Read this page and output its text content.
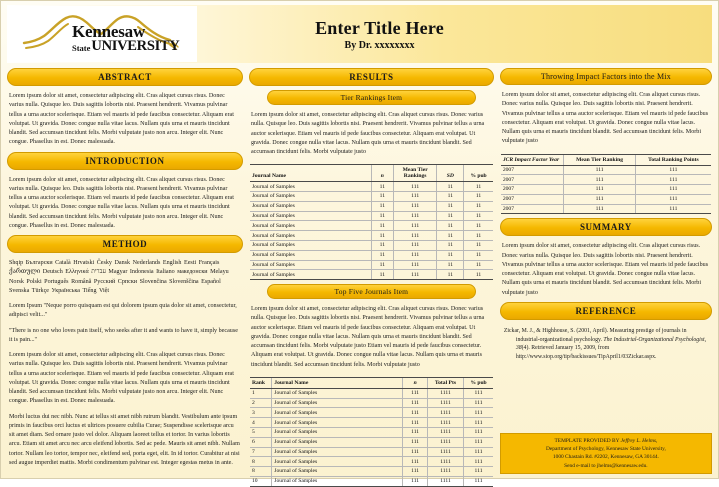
Kennesaw
State UNIVERSITY
Enter Title Here
By Dr. xxxxxxxx
ABSTRACT

Lorem ipsum dolor sit amet, consectetur adipiscing elit. Cras aliquet cursus risus. Donec varius nulla. Quisque leo. Duis sagittis lobortis nisi. Praesent hendrerit. Vivamus pulvinar tellus a urna auctor scelerisque. Etiam vel mauris id pede faucibus consectetur. Aliquam erat volutpat. Ut gravida. Donec congue nulla vitae lacus. Nullam quis urna et mauris tincidunt blandit. Sed accumsan tincidunt felis. Morbi vulputate justo non arcu. Integer elit. Nunc congue. Phasellus in est. Donec malesuada.

INTRODUCTION

Lorem ipsum dolor sit amet, consectetur adipiscing elit. Cras aliquet cursus risus. Donec varius nulla. Quisque leo. Duis sagittis lobortis nisi. Praesent hendrerit. Vivamus pulvinar tellus a urna auctor scelerisque. Etiam vel mauris id pede faucibus consectetur. Aliquam erat volutpat. Ut gravida. Donec congue nulla vitae lacus. Nullam quis urna et mauris tincidunt blandit. Sed accumsan tincidunt felis. Morbi vulputate justo non arcu. Integer elit. Nunc congue. Phasellus in est. Donec malesuada.

METHOD

Shqip Български Català Hrvatski Česky Dansk Nederlands English Eesti Français ქართული Deutsch Ελληνικά עברית Magyar Indonesia Italiano македонски Melayu Norsk Polski Português Română Русский Српски Slovenčina Slovenščina Español Svenska Türkçe Українська Tiếng Việt

Lorem Ipsum "Neque porro quisquam est qui dolorem ipsum quia dolor sit amet, consectetur, adipisci velit..."

"There is no one who loves pain itself, who seeks after it and wants to have it, simply because it is pain..."

Lorem ipsum dolor sit amet, consectetur adipiscing elit. Cras aliquet cursus risus. Donec varius nulla. Quisque leo. Duis sagittis lobortis nisi. Praesent hendrerit. Vivamus pulvinar tellus a urna auctor scelerisque. Etiam vel mauris id pede faucibus consectetur. Aliquam erat volutpat. Ut gravida. Donec congue nulla vitae lacus. Nullam quis urna et mauris tincidunt blandit. Sed accumsan tincidunt felis. Morbi vulputate justo non arcu. Integer elit. Nunc congue. Phasellus in est. Donec malesuada.

Morbi luctus dui nec nibh. Nunc at tellus sit amet nibh rutrum blandit. Vestibulum ante ipsum primis in faucibus orci luctus et ultrices posuere cubilia Curae; Suspendisse scelerisque arcu sit amet diam. Sed ornare justo vel dolor. Aliquam laoreet tellus et tortor. In varius lobortis arcu. Etiam sit amet arcu nec arcu eleifend lobortis. Sed ac pede. Mauris sit amet nibh. Nullam tortor. Nullam leo tortor, tempor nec, eleifend sed, porta eget, elit. In id tortor. Curabitur at nisi sed augue imperdiet mattis. Morbi condimentum pulvinar est. Integer egestas metus in ante.

RESULTS
Tier Rankings Item

Lorem ipsum dolor sit amet, consectetur adipiscing elit. Cras aliquet cursus risus. Donec varius nulla. Quisque leo. Duis sagittis lobortis nisi. Praesent hendrerit. Vivamus pulvinar tellus a urna auctor scelerisque. Etiam vel mauris id pede faucibus consectetur. Aliquam erat volutpat. Ut gravida. Donec congue nulla vitae lacus. Nullam quis urna et mauris tincidunt blandit. Sed accumsan tincidunt felis. Morbi vulputate justo

Journal Name	n	Mean Tier Rankings	SD	% pub
Journal of Samples	11	111	11	11
Journal of Samples	11	111	11	11
Journal of Samples	11	111	11	11
Journal of Samples	11	111	11	11
Journal of Samples	11	111	11	11
Journal of Samples	11	111	11	11
Journal of Samples	11	111	11	11
Journal of Samples	11	111	11	11
Journal of Samples	11	111	11	11
Journal of Samples	11	111	11	11
Top Five Journals Item

Lorem ipsum dolor sit amet, consectetur adipiscing elit. Cras aliquet cursus risus. Donec varius nulla. Quisque leo. Duis sagittis lobortis nisi. Praesent hendrerit. Vivamus pulvinar tellus a urna auctor scelerisque. Etiam vel mauris id pede faucibus consectetur. Aliquam erat volutpat. Ut gravida. Donec congue nulla vitae lacus. Nullam quis urna et mauris tincidunt blandit. Sed accumsan tincidunt felis. Morbi vulputate justo Etiam vel mauris id pede faucibus consectetur. Aliquam erat volutpat. Ut gravida. Donec congue nulla vitae lacus. Nullam quis urna et mauris tincidunt blandit. Sed accumsan tincidunt felis. Morbi vulputate justo

Rank	Journal Name	n	Total Pts	% pub
1	Journal of Samples	111	1111	111
2	Journal of Samples	111	1111	111
3	Journal of Samples	111	1111	111
4	Journal of Samples	111	1111	111
5	Journal of Samples	111	1111	111
6	Journal of Samples	111	1111	111
7	Journal of Samples	111	1111	111
8	Journal of Samples	111	1111	111
8	Journal of Samples	111	1111	111
10	Journal of Samples	111	1111	111
Throwing Impact Factors into the Mix

Lorem ipsum dolor sit amet, consectetur adipiscing elit. Cras aliquet cursus risus. Donec varius nulla. Quisque leo. Duis sagittis lobortis nisi. Praesent hendrerit. Vivamus pulvinar tellus a urna auctor scelerisque. Etiam vel mauris id pede faucibus consectetur. Aliquam erat volutpat. Ut gravida. Donec congue nulla vitae lacus. Nullam quis urna et mauris tincidunt blandit. Sed accumsan tincidunt felis. Morbi vulputate justo

JCR Impact Factor Year	Mean Tier Ranking	Total Ranking Points
2007	111	111
2007	111	111
2007	111	111
2007	111	111
2007	111	111
SUMMARY

Lorem ipsum dolor sit amet, consectetur adipiscing elit. Cras aliquet cursus risus. Donec varius nulla. Quisque leo. Duis sagittis lobortis nisi. Praesent hendrerit. Vivamus pulvinar tellus a urna auctor scelerisque. Etiam vel mauris id pede faucibus consectetur. Aliquam erat volutpat. Ut gravida. Donec congue nulla vitae lacus. Nullam quis urna et mauris tincidunt blandit. Sed accumsan tincidunt felis. Morbi vulputate justo

REFERENCE
Zickar, M. J., & Highhouse, S. (2001, April). Measuring prestige of journals in industrial-organizational psychology. The Industrial-Organizational Psychologist, 38(4). Retrieved January 15, 2009, from http://www.siop.org/tip/backissues/TipApril1/03Zickar.aspx.
TEMPLATE PROVIDED BY Jeffrey L. Helms,
Department of Psychology, Kennesaw State University,
1000 Chastain Rd. #2202, Kennesaw, GA 30144.
Send e-mail to jhelms@kennesaw.edu.
